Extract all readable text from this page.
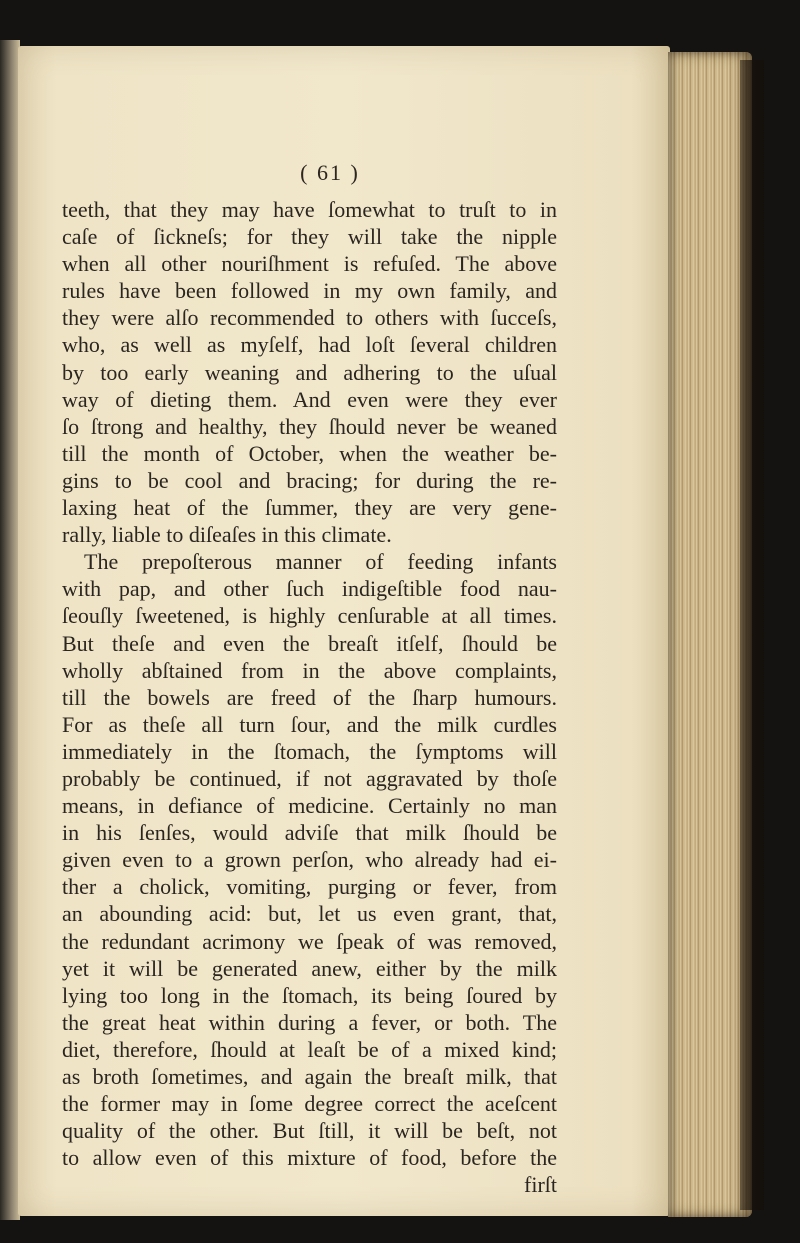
( 61 )
teeth, that they may have ſomewhat to truſt to in
caſe of ſickneſs; for they will take the nipple
when all other nouriſhment is refuſed. The above
rules have been followed in my own family, and
they were alſo recommended to others with ſucceſs,
who, as well as myſelf, had loſt ſeveral children
by too early weaning and adhering to the uſual
way of dieting them. And even were they ever
ſo ſtrong and healthy, they ſhould never be weaned
till the month of October, when the weather be-
gins to be cool and bracing; for during the re-
laxing heat of the ſummer, they are very gene-
rally, liable to diſeaſes in this climate.
The prepoſterous manner of feeding infants
with pap, and other ſuch indigeſtible food nau-
ſeouſly ſweetened, is highly cenſurable at all times.
But theſe and even the breaſt itſelf, ſhould be
wholly abſtained from in the above complaints,
till the bowels are freed of the ſharp humours.
For as theſe all turn ſour, and the milk curdles
immediately in the ſtomach, the ſymptoms will
probably be continued, if not aggravated by thoſe
means, in defiance of medicine. Certainly no man
in his ſenſes, would adviſe that milk ſhould be
given even to a grown perſon, who already had ei-
ther a cholick, vomiting, purging or fever, from
an abounding acid: but, let us even grant, that,
the redundant acrimony we ſpeak of was removed,
yet it will be generated anew, either by the milk
lying too long in the ſtomach, its being ſoured by
the great heat within during a fever, or both. The
diet, therefore, ſhould at leaſt be of a mixed kind;
as broth ſometimes, and again the breaſt milk, that
the former may in ſome degree correct the aceſcent
quality of the other. But ſtill, it will be beſt, not
to allow even of this mixture of food, before the
firſt
